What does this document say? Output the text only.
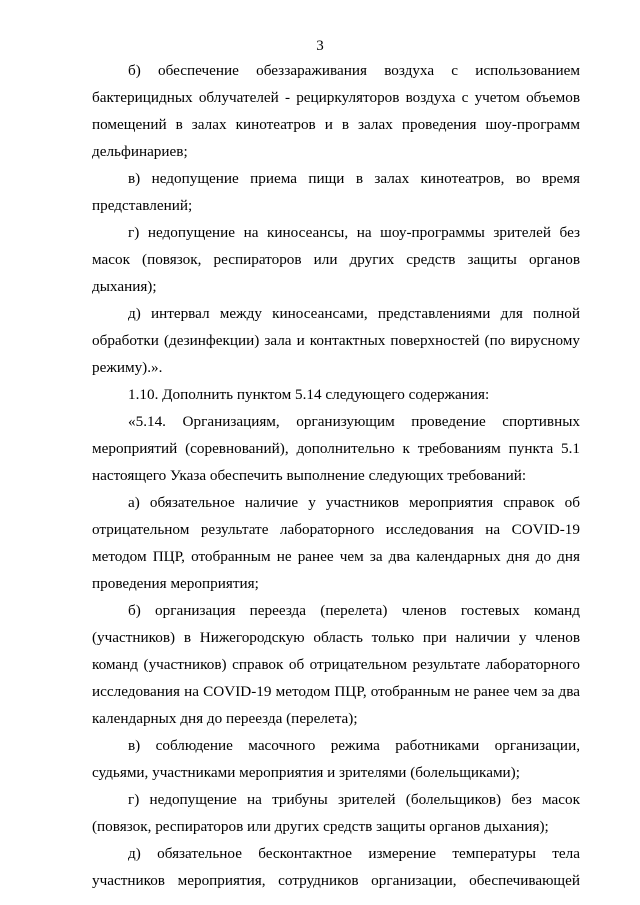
3
б) обеспечение обеззараживания воздуха с использованием
бактерицидных облучателей - рециркуляторов воздуха с учетом объемов
помещений в залах кинотеатров и в залах проведения шоу-программ
дельфинариев;
в) недопущение приема пищи в залах кинотеатров, во время
представлений;
г) недопущение на киносеансы, на шоу-программы зрителей без
масок (повязок, респираторов или других средств защиты органов
дыхания);
д) интервал между киносеансами, представлениями для полной
обработки (дезинфекции) зала и контактных поверхностей (по вирусному
режиму).».
1.10. Дополнить пунктом 5.14 следующего содержания:
«5.14. Организациям, организующим проведение спортивных
мероприятий (соревнований), дополнительно к требованиям пункта 5.1
настоящего Указа обеспечить выполнение следующих требований:
а) обязательное наличие у участников мероприятия справок об
отрицательном результате лабораторного исследования на COVID-19
методом ПЦР, отобранным не ранее чем за два календарных дня до дня
проведения мероприятия;
б) организация переезда (перелета) членов гостевых команд
(участников) в Нижегородскую область только при наличии у членов
команд (участников) справок об отрицательном результате лабораторного
исследования на COVID-19 методом ПЦР, отобранным не ранее чем за два
календарных дня до переезда (перелета);
в) соблюдение масочного режима работниками организации,
судьями, участниками мероприятия и зрителями (болельщиками);
г) недопущение на трибуны зрителей (болельщиков) без масок
(повязок, респираторов или других средств защиты органов дыхания);
д) обязательное бесконтактное измерение температуры тела
участников мероприятия, сотрудников организации, обеспечивающей
